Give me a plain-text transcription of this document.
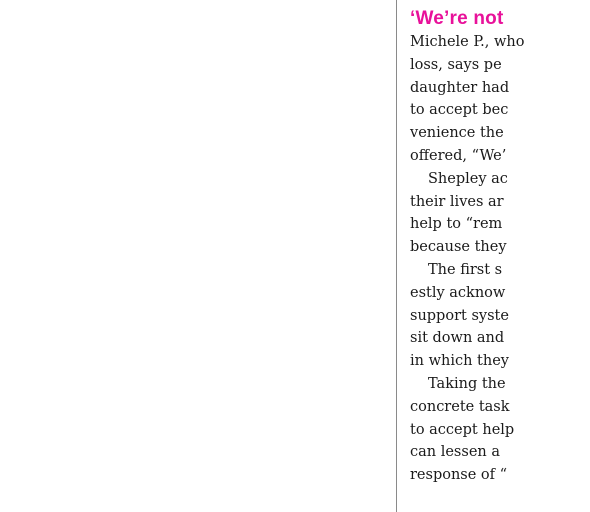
‘We’re not
Michele P., who
loss, says pe
daughter had
to accept bec
venience the
offered, “We’
Shepley ac
their lives ar
help to “rem
because they
The first s
estly acknow
support syste
sit down and
in which they
Taking the
concrete task
to accept help
can lessen a
response of “
